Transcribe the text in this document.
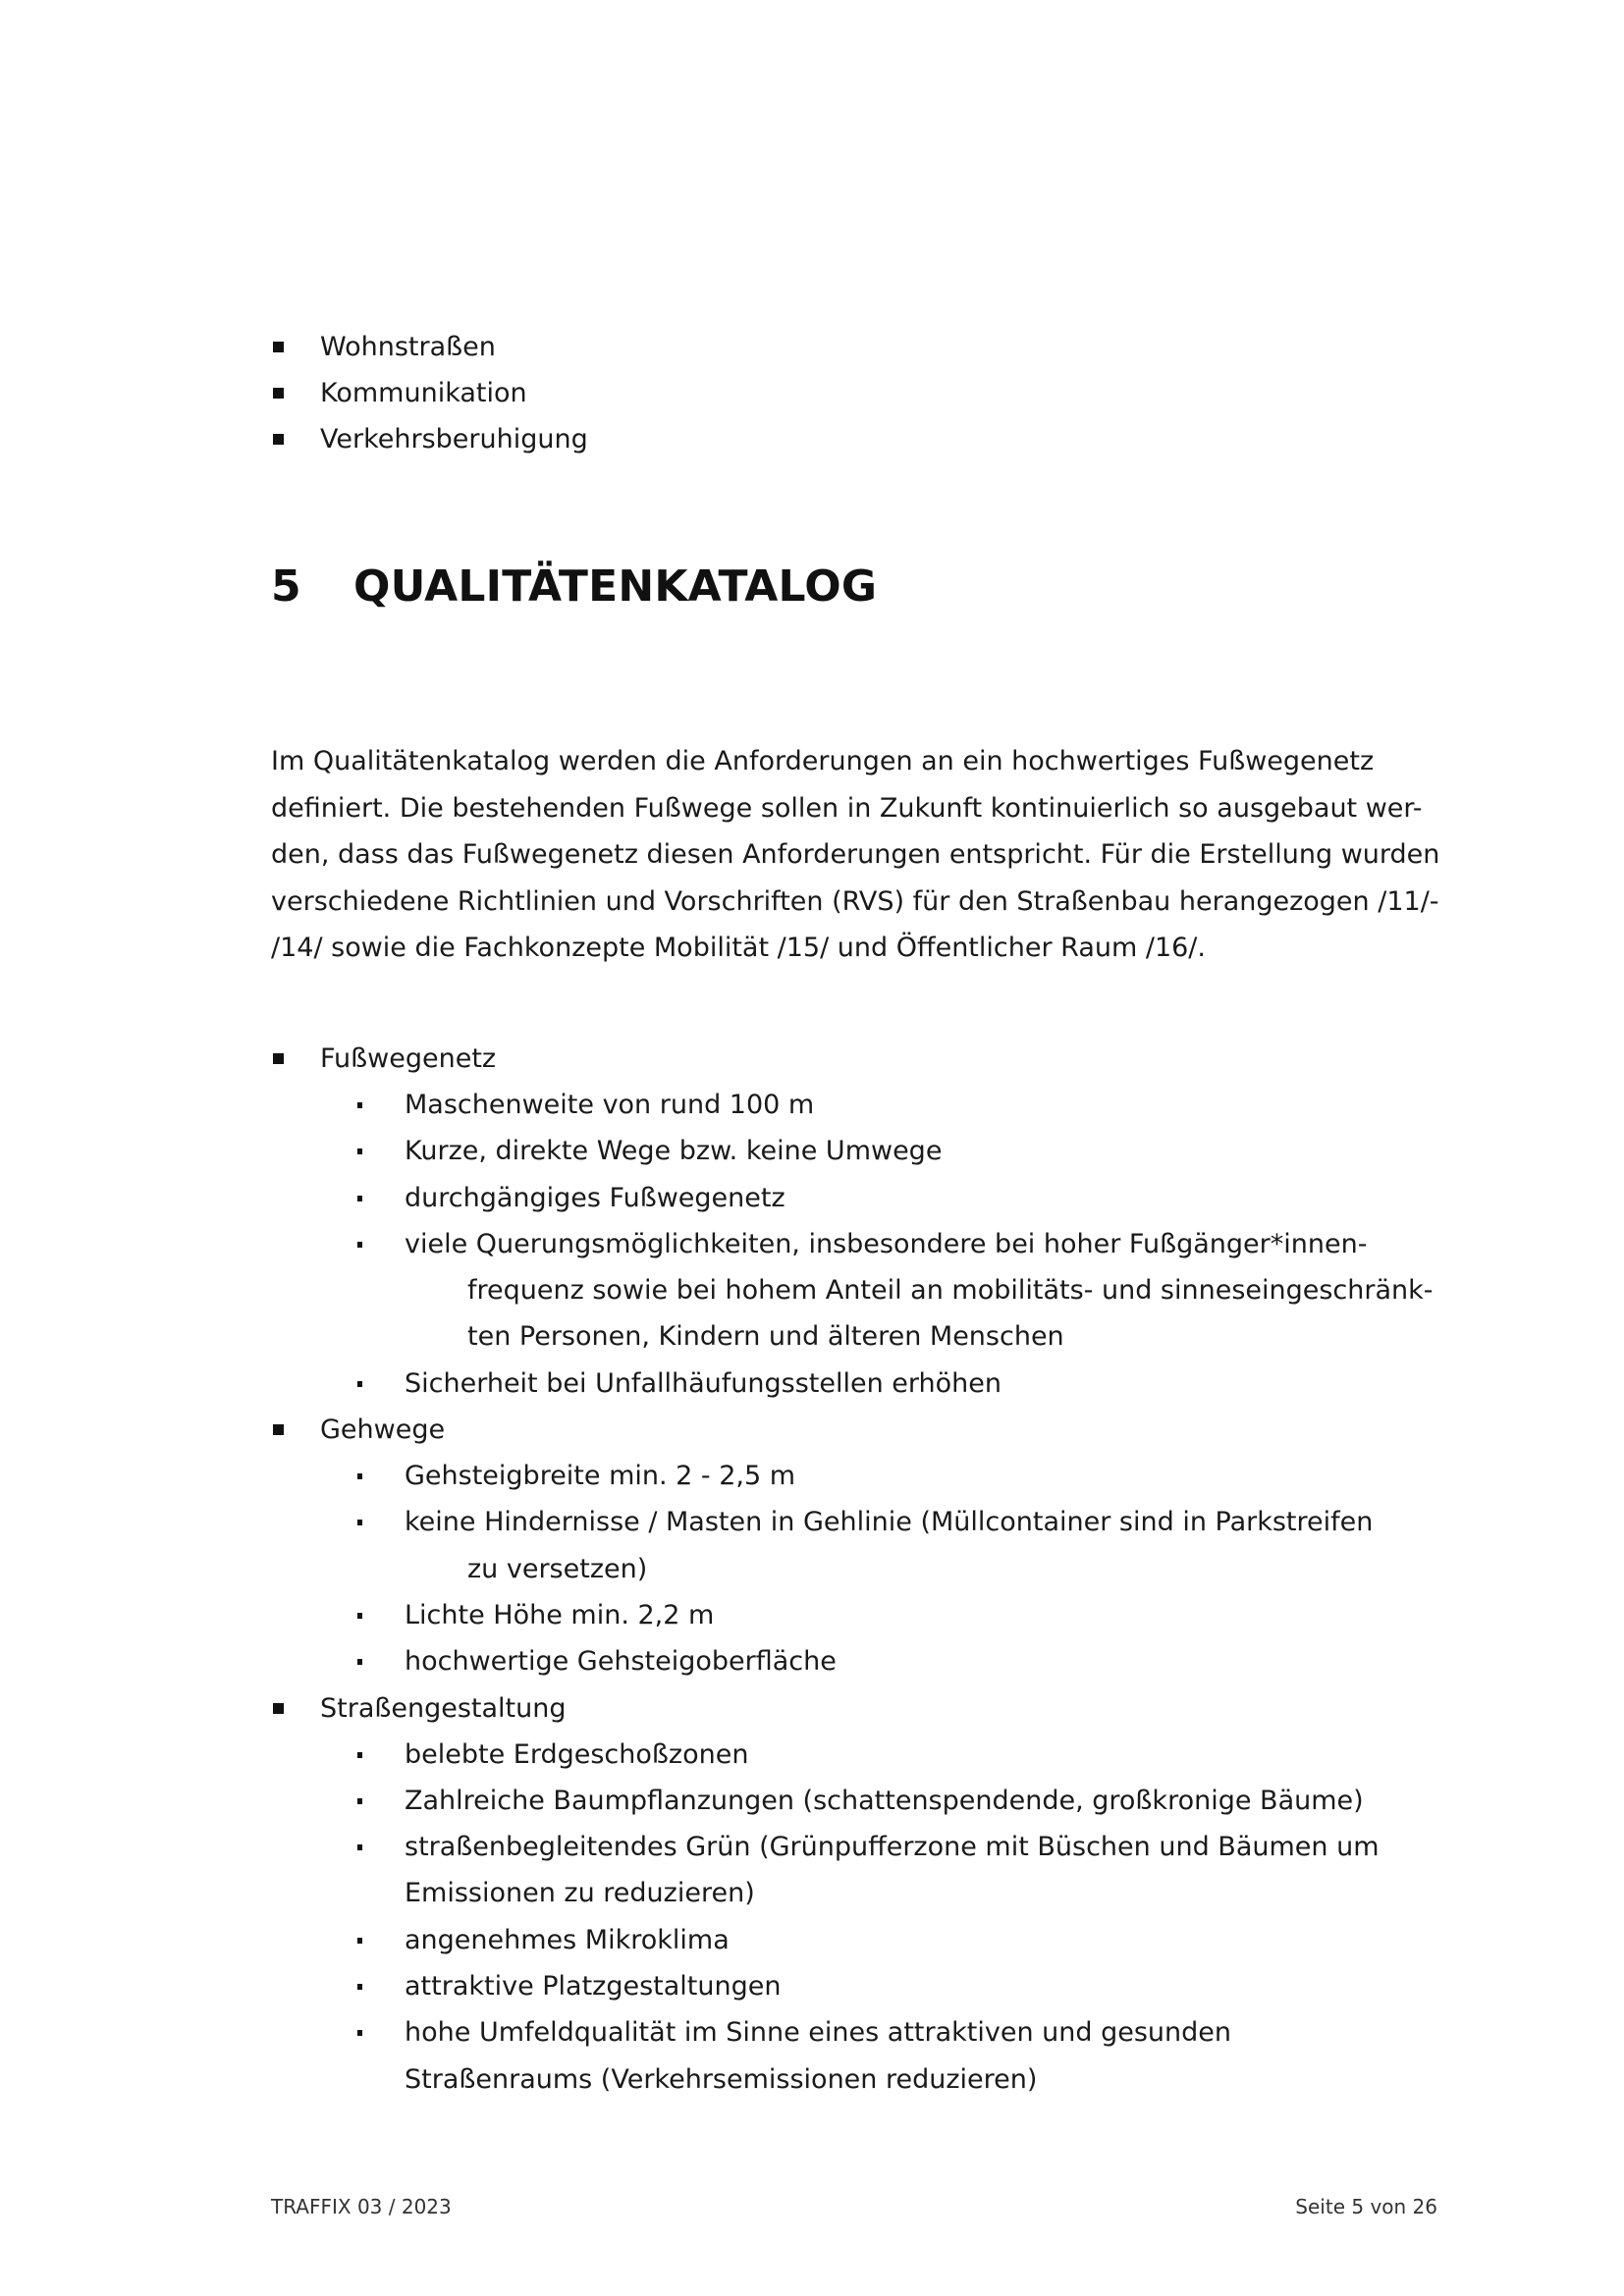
Wohnstraßen
Kommunikation
Verkehrsberuhigung
5 QUALITÄTENKATALOG
Im Qualitätenkatalog werden die Anforderungen an ein hochwertiges Fußwegenetz
definiert. Die bestehenden Fußwege sollen in Zukunft kontinuierlich so ausgebaut wer-
den, dass das Fußwegenetz diesen Anforderungen entspricht. Für die Erstellung wurden
verschiedene Richtlinien und Vorschriften (RVS) für den Straßenbau herangezogen /11/-
/14/ sowie die Fachkonzepte Mobilität /15/ und Öffentlicher Raum /16/.
Fußwegenetz
Maschenweite von rund 100 m
Kurze, direkte Wege bzw. keine Umwege
durchgängiges Fußwegenetz
viele Querungsmöglichkeiten, insbesondere bei hoher Fußgänger*innen-
frequenz sowie bei hohem Anteil an mobilitäts- und sinneseingeschränk-
ten Personen, Kindern und älteren Menschen
Sicherheit bei Unfallhäufungsstellen erhöhen
Gehwege
Gehsteigbreite min. 2 - 2,5 m
keine Hindernisse / Masten in Gehlinie (Müllcontainer sind in Parkstreifen
zu versetzen)
Lichte Höhe min. 2,2 m
hochwertige Gehsteigoberfläche
Straßengestaltung
belebte Erdgeschoßzonen
Zahlreiche Baumpflanzungen (schattenspendende, großkronige Bäume)
straßenbegleitendes Grün (Grünpufferzone mit Büschen und Bäumen um
Emissionen zu reduzieren)
angenehmes Mikroklima
attraktive Platzgestaltungen
hohe Umfeldqualität im Sinne eines attraktiven und gesunden
Straßenraums (Verkehrsemissionen reduzieren)
TRAFFIX 03 / 2023	Seite 5 von 26
